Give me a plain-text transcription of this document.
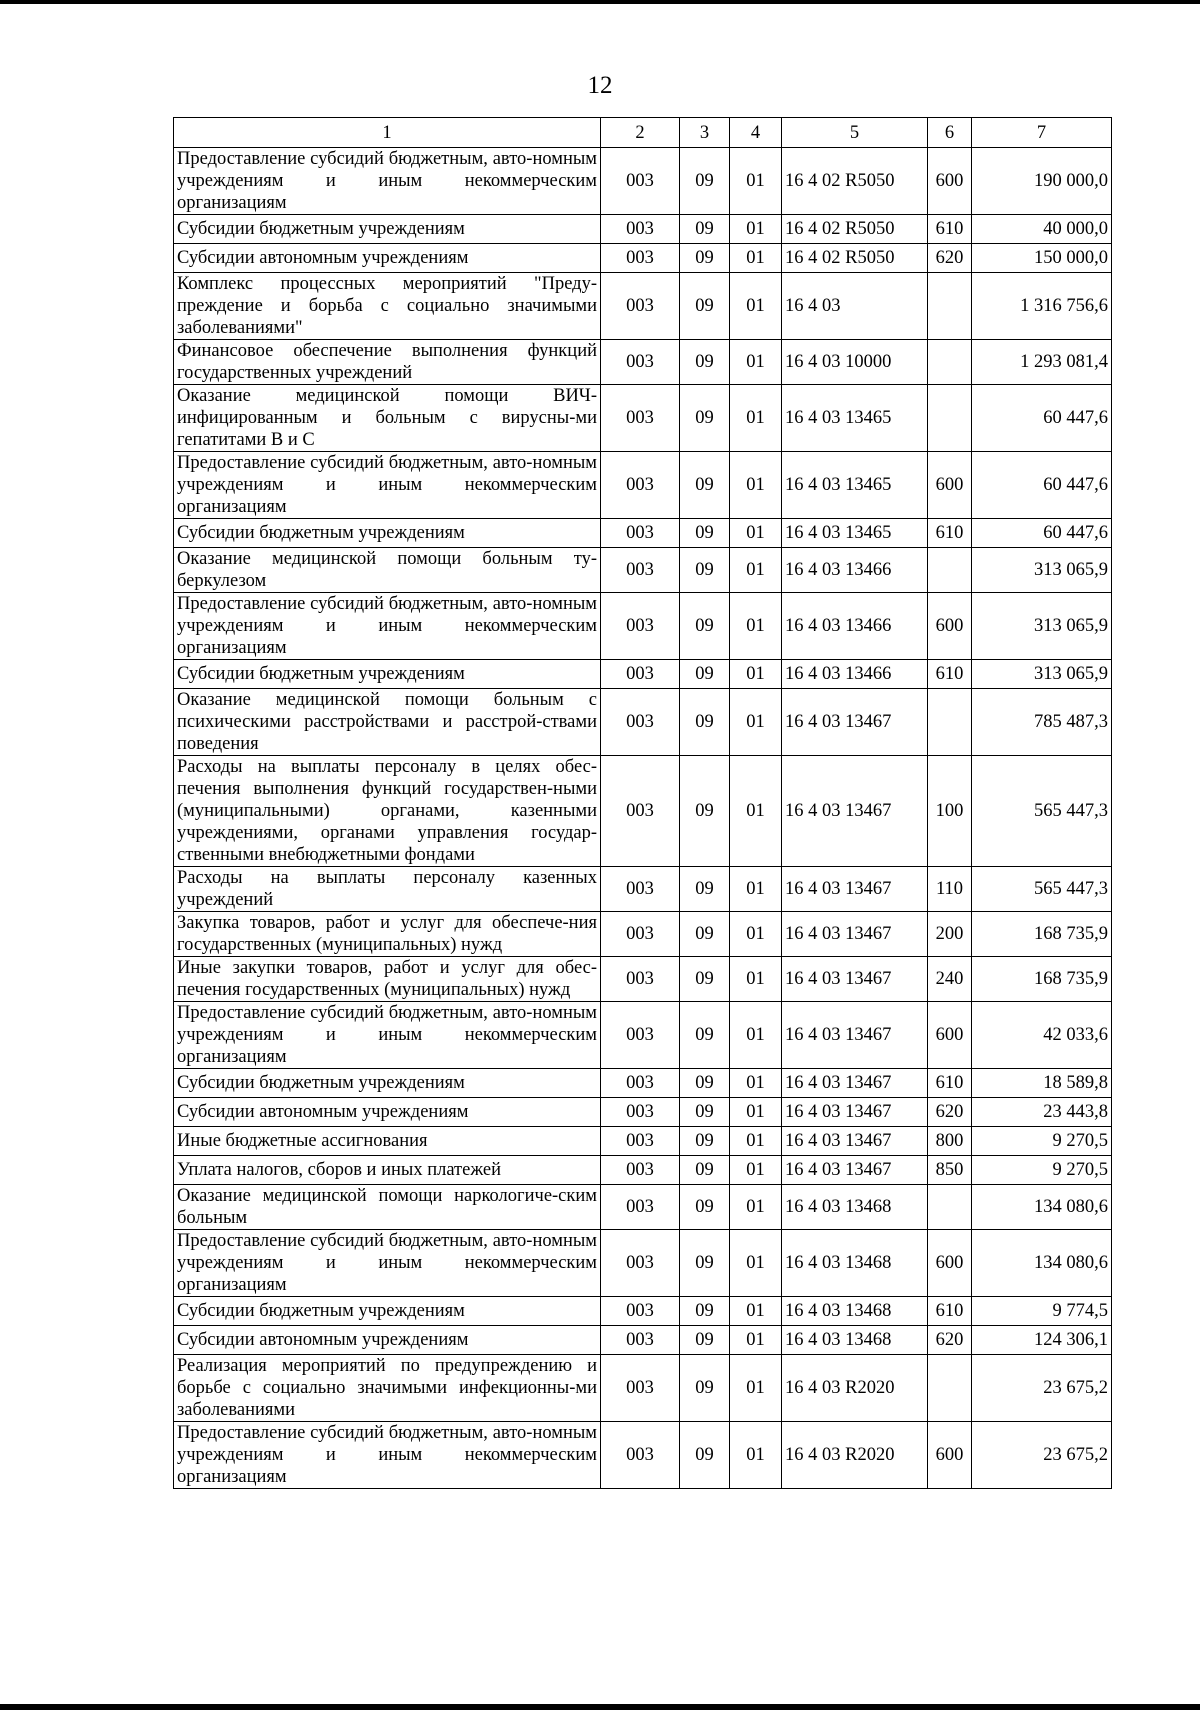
12
1	2	3	4	5	6	7
Предоставление субсидий бюджетным, авто-номным учреждениям и иным некоммерческим организациям	003	09	01	16 4 02 R5050	600	190 000,0
Субсидии бюджетным учреждениям	003	09	01	16 4 02 R5050	610	40 000,0
Субсидии автономным учреждениям	003	09	01	16 4 02 R5050	620	150 000,0
Комплекс процессных мероприятий "Преду-преждение и борьба с социально значимыми заболеваниями"	003	09	01	16 4 03		1 316 756,6
Финансовое обеспечение выполнения функций государственных учреждений	003	09	01	16 4 03 10000		1 293 081,4
Оказание медицинской помощи ВИЧ-инфицированным и больным с вирусны-ми гепатитами В и С	003	09	01	16 4 03 13465		60 447,6
Предоставление субсидий бюджетным, авто-номным учреждениям и иным некоммерческим организациям	003	09	01	16 4 03 13465	600	60 447,6
Субсидии бюджетным учреждениям	003	09	01	16 4 03 13465	610	60 447,6
Оказание медицинской помощи больным ту-беркулезом	003	09	01	16 4 03 13466		313 065,9
Предоставление субсидий бюджетным, авто-номным учреждениям и иным некоммерческим организациям	003	09	01	16 4 03 13466	600	313 065,9
Субсидии бюджетным учреждениям	003	09	01	16 4 03 13466	610	313 065,9
Оказание медицинской помощи больным с психическими расстройствами и расстрой-ствами поведения	003	09	01	16 4 03 13467		785 487,3
Расходы на выплаты персоналу в целях обес-печения выполнения функций государствен-ными (муниципальными) органами, казенными учреждениями, органами управления государ-ственными внебюджетными фондами	003	09	01	16 4 03 13467	100	565 447,3
Расходы на выплаты персоналу казенных учреждений	003	09	01	16 4 03 13467	110	565 447,3
Закупка товаров, работ и услуг для обеспече-ния государственных (муниципальных) нужд	003	09	01	16 4 03 13467	200	168 735,9
Иные закупки товаров, работ и услуг для обес-печения государственных (муниципальных) нужд	003	09	01	16 4 03 13467	240	168 735,9
Предоставление субсидий бюджетным, авто-номным учреждениям и иным некоммерческим организациям	003	09	01	16 4 03 13467	600	42 033,6
Субсидии бюджетным учреждениям	003	09	01	16 4 03 13467	610	18 589,8
Субсидии автономным учреждениям	003	09	01	16 4 03 13467	620	23 443,8
Иные бюджетные ассигнования	003	09	01	16 4 03 13467	800	9 270,5
Уплата налогов, сборов и иных платежей	003	09	01	16 4 03 13467	850	9 270,5
Оказание медицинской помощи наркологиче-ским больным	003	09	01	16 4 03 13468		134 080,6
Предоставление субсидий бюджетным, авто-номным учреждениям и иным некоммерческим организациям	003	09	01	16 4 03 13468	600	134 080,6
Субсидии бюджетным учреждениям	003	09	01	16 4 03 13468	610	9 774,5
Субсидии автономным учреждениям	003	09	01	16 4 03 13468	620	124 306,1
Реализация мероприятий по предупреждению и борьбе с социально значимыми инфекционны-ми заболеваниями	003	09	01	16 4 03 R2020		23 675,2
Предоставление субсидий бюджетным, авто-номным учреждениям и иным некоммерческим организациям	003	09	01	16 4 03 R2020	600	23 675,2
